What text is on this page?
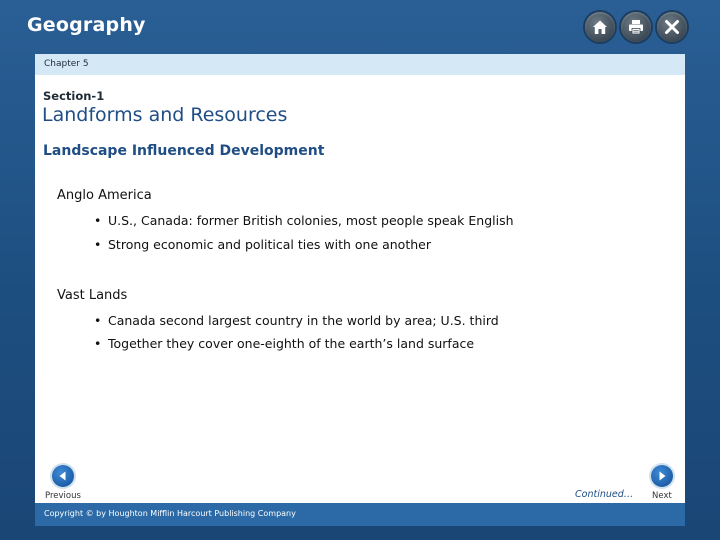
Geography
Chapter 5
Section-1
Landforms and Resources
Landscape Influenced Development
Anglo America
• U.S., Canada: former British colonies, most people speak English
• Strong economic and political ties with one another
Vast Lands
• Canada second largest country in the world by area; U.S. third
• Together they cover one-eighth of the earth’s land surface
Previous	Continued… Next
Copyright © by Houghton Mifflin Harcourt Publishing Company
